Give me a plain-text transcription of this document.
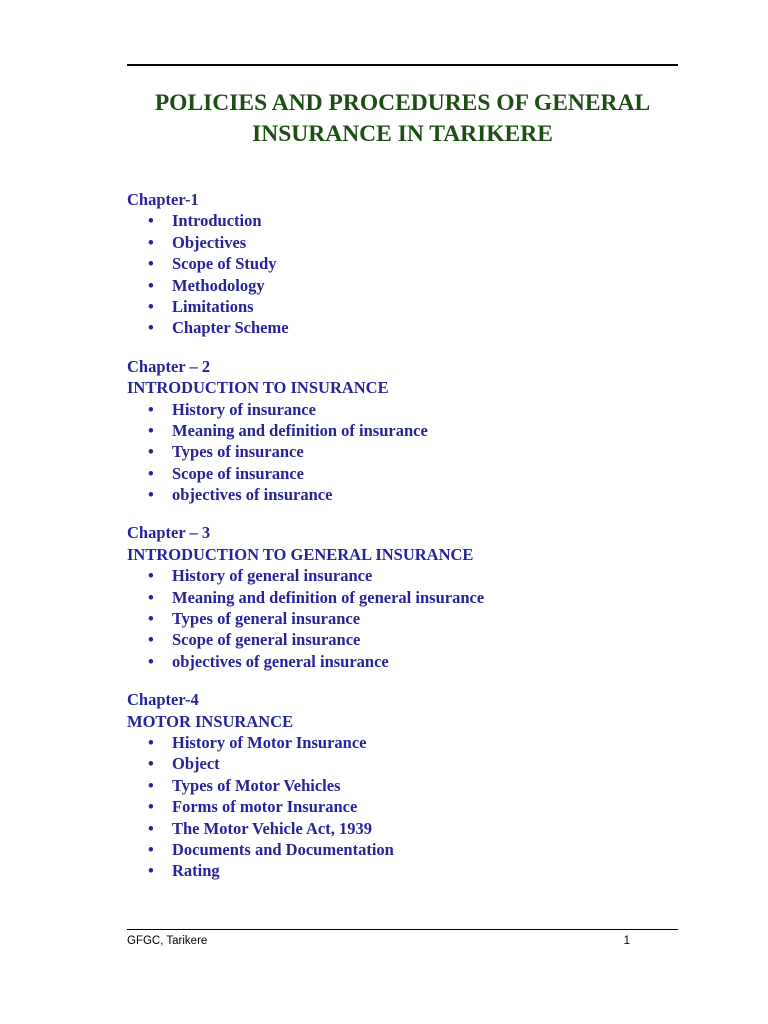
POLICIES AND PROCEDURES OF GENERAL
INSURANCE IN TARIKERE
Chapter-1
• Introduction
• Objectives
• Scope of Study
• Methodology
• Limitations
• Chapter Scheme
Chapter – 2
INTRODUCTION TO INSURANCE
• History of insurance
• Meaning and definition of insurance
• Types of insurance
• Scope of insurance
• objectives of insurance
Chapter – 3
INTRODUCTION TO GENERAL INSURANCE
• History of general insurance
• Meaning and definition of general insurance
• Types of general insurance
• Scope of general insurance
• objectives of general insurance
Chapter-4
MOTOR INSURANCE
• History of Motor Insurance
• Object
• Types of Motor Vehicles
• Forms of motor Insurance
• The Motor Vehicle Act, 1939
• Documents and Documentation
• Rating
GFGC, Tarikere	1
